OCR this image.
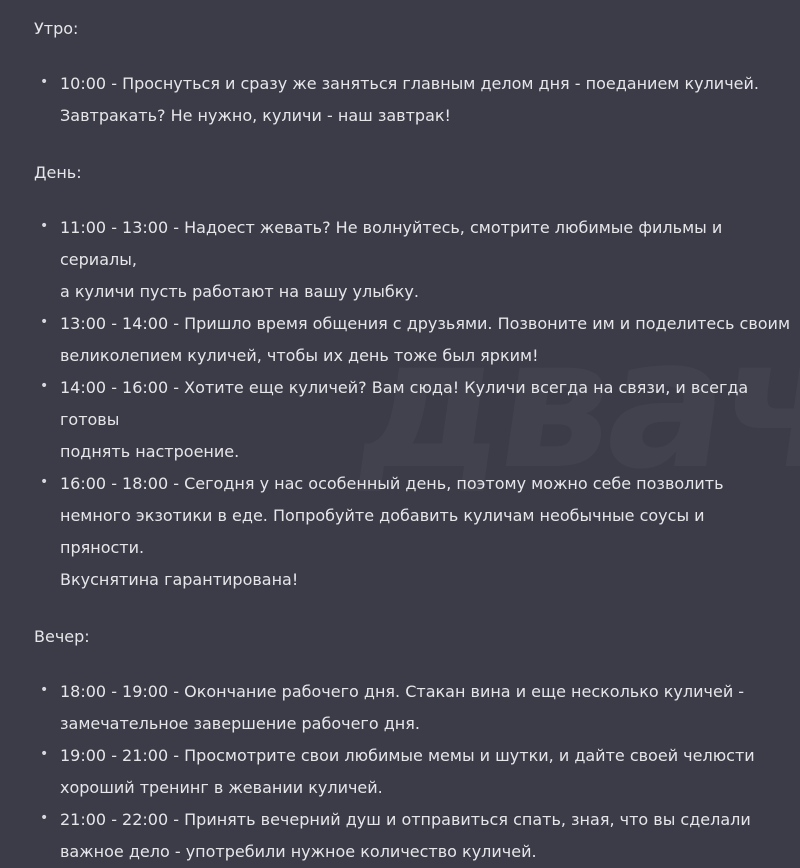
Утро:
• 10:00 - Проснуться и сразу же заняться главным делом дня - поеданием куличей.
Завтракать? Не нужно, куличи - наш завтрак!
День:
• 11:00 - 13:00 - Надоест жевать? Не волнуйтесь, смотрите любимые фильмы и сериалы,
а куличи пусть работают на вашу улыбку.
• 13:00 - 14:00 - Пришло время общения с друзьями. Позвоните им и поделитесь своим
великолепием куличей, чтобы их день тоже был ярким!
• 14:00 - 16:00 - Хотите еще куличей? Вам сюда! Куличи всегда на связи, и всегда готовы
поднять настроение.
• 16:00 - 18:00 - Сегодня у нас особенный день, поэтому можно себе позволить
немного экзотики в еде. Попробуйте добавить куличам необычные соусы и пряности.
Вкуснятина гарантирована!
Вечер:
• 18:00 - 19:00 - Окончание рабочего дня. Стакан вина и еще несколько куличей -
замечательное завершение рабочего дня.
• 19:00 - 21:00 - Просмотрите свои любимые мемы и шутки, и дайте своей челюсти
хороший тренинг в жевании куличей.
• 21:00 - 22:00 - Принять вечерний душ и отправиться спать, зная, что вы сделали
важное дело - употребили нужное количество куличей.
